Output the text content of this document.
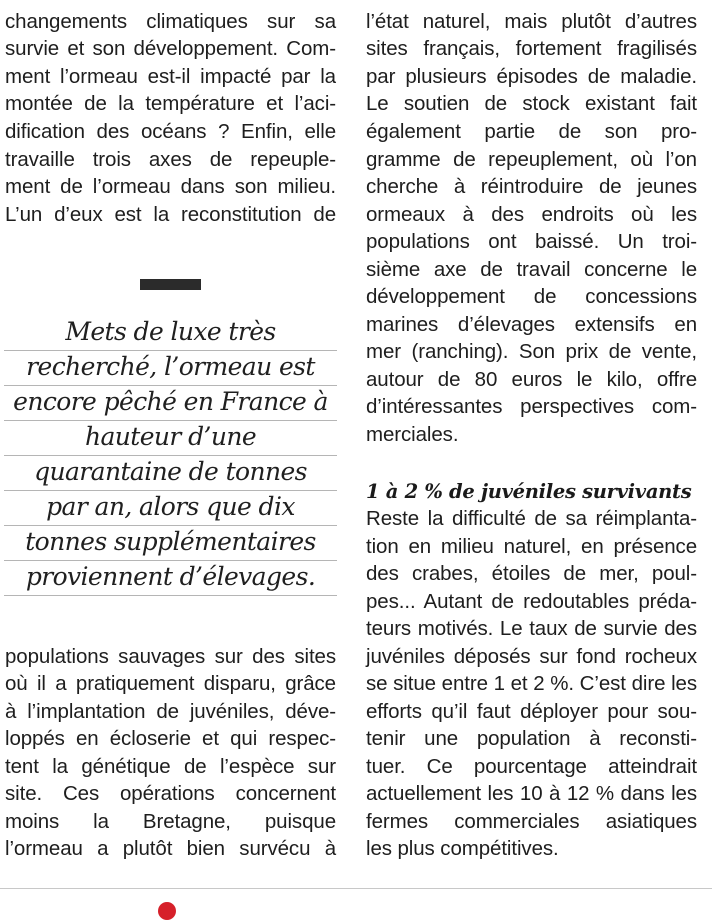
changements climatiques sur sa
survie et son développement. Com-
ment l’ormeau est-il impacté par la
montée de la température et l’aci-
dification des océans ? Enfin, elle
travaille trois axes de repeuple-
ment de l’ormeau dans son milieu.
L’un d’eux est la reconstitution de
Mets de luxe très
recherché, l’ormeau est
encore pêché en France à
hauteur d’une
quarantaine de tonnes
par an, alors que dix
tonnes supplémentaires
proviennent d’élevages.
populations sauvages sur des sites
où il a pratiquement disparu, grâce
à l’implantation de juvéniles, déve-
loppés en écloserie et qui respec-
tent la génétique de l’espèce sur
site. Ces opérations concernent
moins la Bretagne, puisque
l’ormeau a plutôt bien survécu à
l’état naturel, mais plutôt d’autres
sites français, fortement fragilisés
par plusieurs épisodes de maladie.
Le soutien de stock existant fait
également partie de son pro-
gramme de repeuplement, où l’on
cherche à réintroduire de jeunes
ormeaux à des endroits où les
populations ont baissé. Un troi-
sième axe de travail concerne le
développement de concessions
marines d’élevages extensifs en
mer (ranching). Son prix de vente,
autour de 80 euros le kilo, offre
d’intéressantes perspectives com-
merciales.
1 à 2 % de juvéniles survivants
Reste la difficulté de sa réimplanta-
tion en milieu naturel, en présence
des crabes, étoiles de mer, poul-
pes... Autant de redoutables préda-
teurs motivés. Le taux de survie des
juvéniles déposés sur fond rocheux
se situe entre 1 et 2 %. C’est dire les
efforts qu’il faut déployer pour sou-
tenir une population à reconsti-
tuer. Ce pourcentage atteindrait
actuellement les 10 à 12 % dans les
fermes commerciales asiatiques
les plus compétitives.
